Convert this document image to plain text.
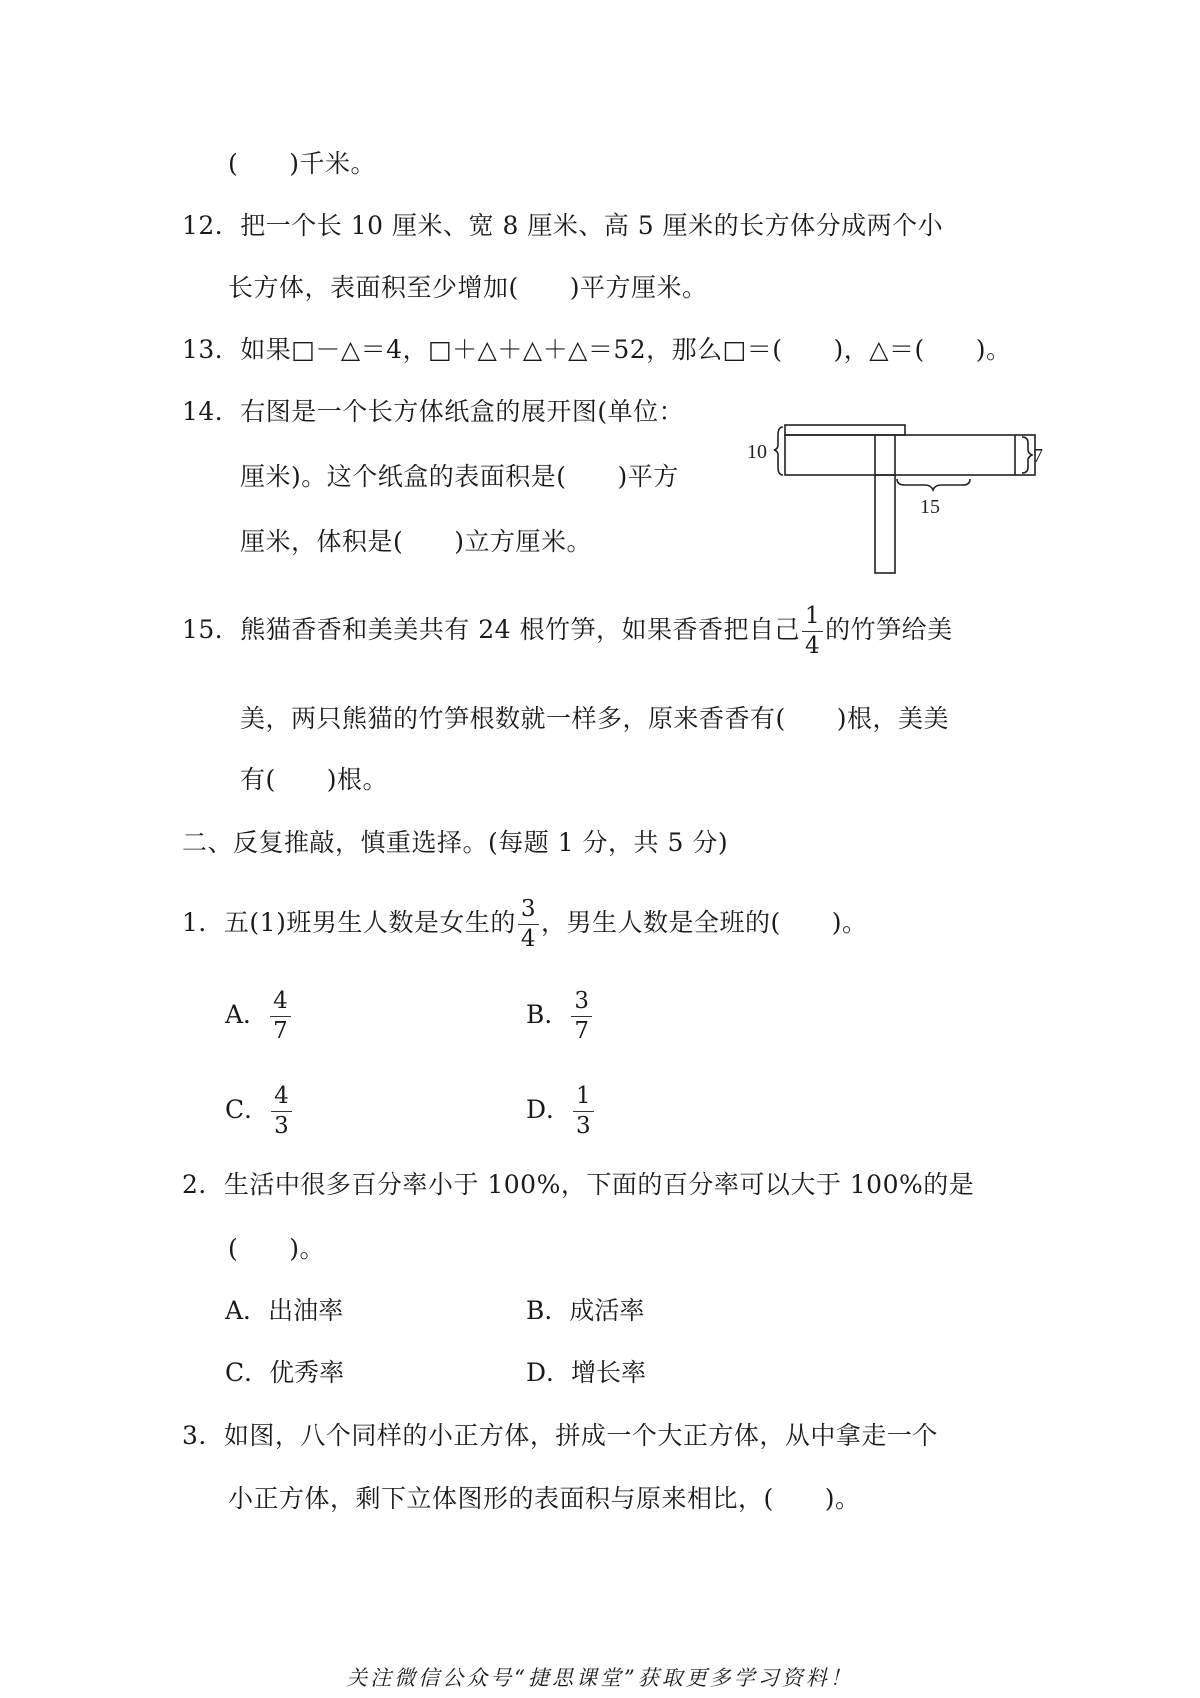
(　　)千米。
12．把一个长 10 厘米、宽 8 厘米、高 5 厘米的长方体分成两个小
长方体，表面积至少增加(　　)平方厘米。
13．如果□－△＝4，□＋△＋△＋△＝52，那么□＝(　　)，△＝(　　)。
14．右图是一个长方体纸盒的展开图(单位：
厘米)。这个纸盒的表面积是(　　)平方
厘米，体积是(　　)立方厘米。
10	7
15
15．熊猫香香和美美共有 24 根竹笋，如果香香把自己 $\frac{1}{4}$ 的竹笋给美
美，两只熊猫的竹笋根数就一样多，原来香香有(　　)根，美美
有(　　)根。
二、反复推敲，慎重选择。(每题 1 分，共 5 分)
1．五(1)班男生人数是女生的 $\frac{3}{4}$ ，男生人数是全班的(　　)。
A． $\frac{4}{7}$	B． $\frac{3}{7}$
C． $\frac{4}{3}$	D． $\frac{1}{3}$
2．生活中很多百分率小于 100%，下面的百分率可以大于 100%的是
(　　)。
A．出油率	B．成活率
C．优秀率	D．增长率
3．如图，八个同样的小正方体，拼成一个大正方体，从中拿走一个
小正方体，剩下立体图形的表面积与原来相比，(　　)。
关注微信公众号“捷思课堂”获取更多学习资料！
